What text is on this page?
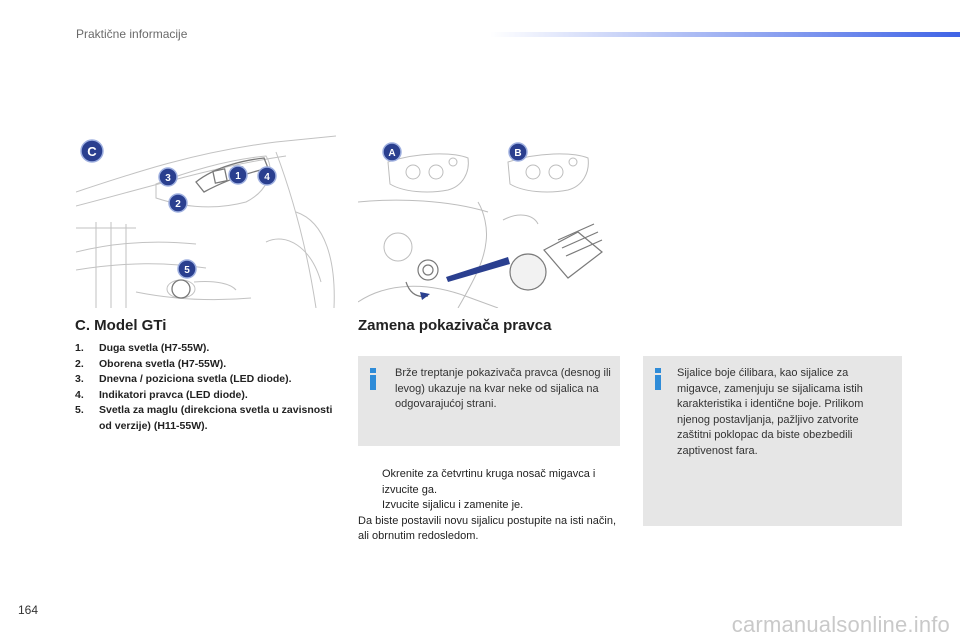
Praktične informacije
C
1
2
3	4
5
A	B
C. Model GTi
1. Duga svetla (H7-55W).
2. Oborena svetla (H7-55W).
3. Dnevna / poziciona svetla (LED diode).
4. Indikatori pravca (LED diode).
5. Svetla za maglu (direkciona svetla u zavisnosti od verzije) (H11-55W).
Zamena pokazivača pravca
Brže treptanje pokazivača pravca (desnog ili levog) ukazuje na kvar neke od sijalica na odgovarajućoj strani.
Sijalice boje ćilibara, kao sijalice za migavce, zamenjuju se sijalicama istih karakteristika i identične boje. Prilikom njenog postavljanja, pažljivo zatvorite zaštitni poklopac da biste obezbedili zaptivenost fara.
Okrenite za četvrtinu kruga nosač migavca i izvucite ga.
Izvucite sijalicu i zamenite je.
Da biste postavili novu sijalicu postupite na isti način, ali obrnutim redosledom.
164
carmanualsonline.info
